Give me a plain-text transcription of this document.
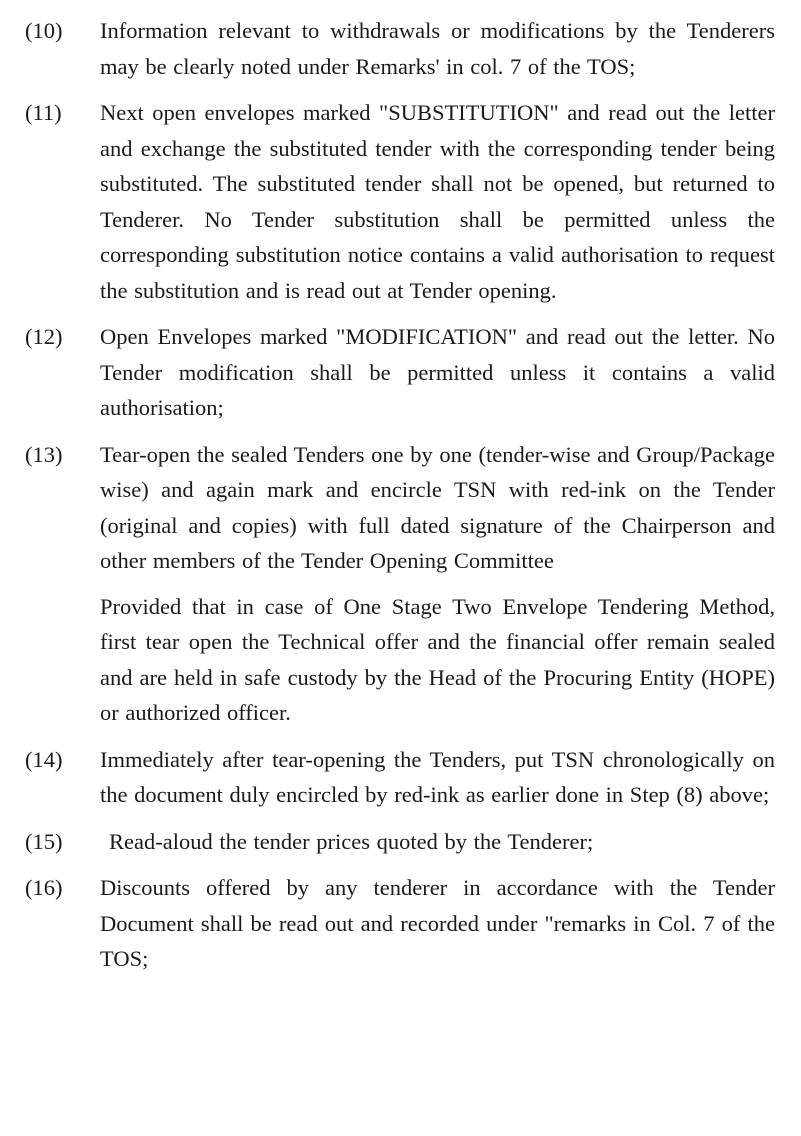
(10)	Information relevant to withdrawals or modifications by the Tenderers may be clearly noted under Remarks' in col. 7 of the TOS;

(11)	Next open envelopes marked "SUBSTITUTION" and read out the letter and exchange the substituted tender with the corresponding tender being substituted. The substituted tender shall not be opened, but returned to Tenderer. No Tender substitution shall be permitted unless the corresponding substitution notice contains a valid authorisation to request the substitution and is read out at Tender opening.

(12)	Open Envelopes marked "MODIFICATION" and read out the letter. No Tender modification shall be permitted unless it contains a valid authorisation;

(13)	Tear-open the sealed Tenders one by one (tender-wise and Group/Package wise) and again mark and encircle TSN with red-ink on the Tender (original and copies) with full dated signature of the Chairperson and other members of the Tender Opening Committee

Provided that in case of One Stage Two Envelope Tendering Method, first tear open the Technical offer and the financial offer remain sealed and are held in safe custody by the Head of the Procuring Entity (HOPE) or authorized officer.

(14)	Immediately after tear-opening the Tenders, put TSN chronologically on the document duly encircled by red-ink as earlier done in Step (8) above;

(15)	Read-aloud the tender prices quoted by the Tenderer;

(16)	Discounts offered by any tenderer in accordance with the Tender Document shall be read out and recorded under "remarks in Col. 7 of the TOS;
